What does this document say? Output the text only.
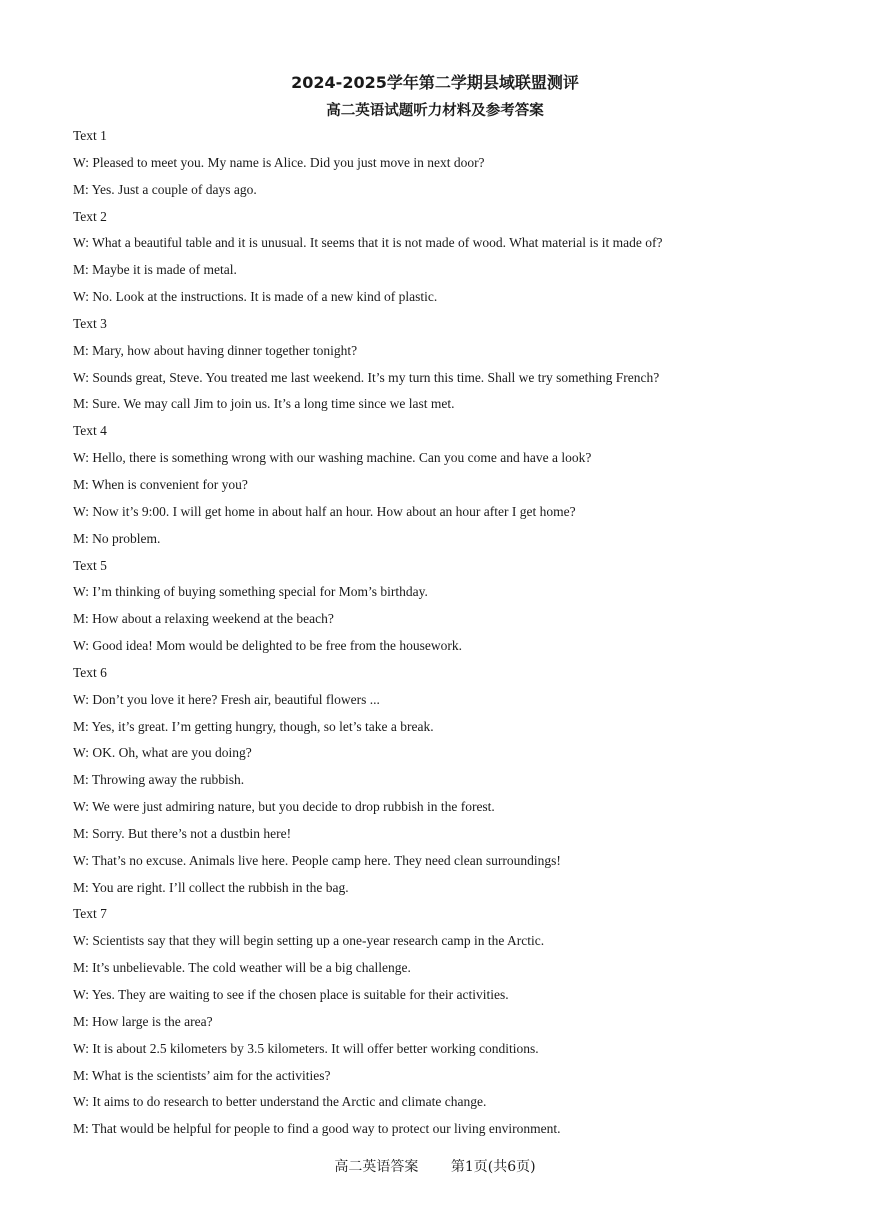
2024-2025学年第二学期县域联盟测评
高二英语试题听力材料及参考答案
Text 1
W: Pleased to meet you. My name is Alice. Did you just move in next door?
M: Yes. Just a couple of days ago.
Text 2
W: What a beautiful table and it is unusual. It seems that it is not made of wood. What material is it made of?
M: Maybe it is made of metal.
W: No. Look at the instructions. It is made of a new kind of plastic.
Text 3
M: Mary, how about having dinner together tonight?
W: Sounds great, Steve. You treated me last weekend. It’s my turn this time. Shall we try something French?
M: Sure. We may call Jim to join us. It’s a long time since we last met.
Text 4
W: Hello, there is something wrong with our washing machine. Can you come and have a look?
M: When is convenient for you?
W: Now it’s 9:00. I will get home in about half an hour. How about an hour after I get home?
M: No problem.
Text 5
W: I’m thinking of buying something special for Mom’s birthday.
M: How about a relaxing weekend at the beach?
W: Good idea! Mom would be delighted to be free from the housework.
Text 6
W: Don’t you love it here? Fresh air, beautiful flowers ...
M: Yes, it’s great. I’m getting hungry, though, so let’s take a break.
W: OK. Oh, what are you doing?
M: Throwing away the rubbish.
W: We were just admiring nature, but you decide to drop rubbish in the forest.
M: Sorry. But there’s not a dustbin here!
W: That’s no excuse. Animals live here. People camp here. They need clean surroundings!
M: You are right. I’ll collect the rubbish in the bag.
Text 7
W: Scientists say that they will begin setting up a one-year research camp in the Arctic.
M: It’s unbelievable. The cold weather will be a big challenge.
W: Yes. They are waiting to see if the chosen place is suitable for their activities.
M: How large is the area?
W: It is about 2.5 kilometers by 3.5 kilometers. It will offer better working conditions.
M: What is the scientists’ aim for the activities?
W: It aims to do research to better understand the Arctic and climate change.
M: That would be helpful for people to find a good way to protect our living environment.
高二英语答案 第1页(共6页)
